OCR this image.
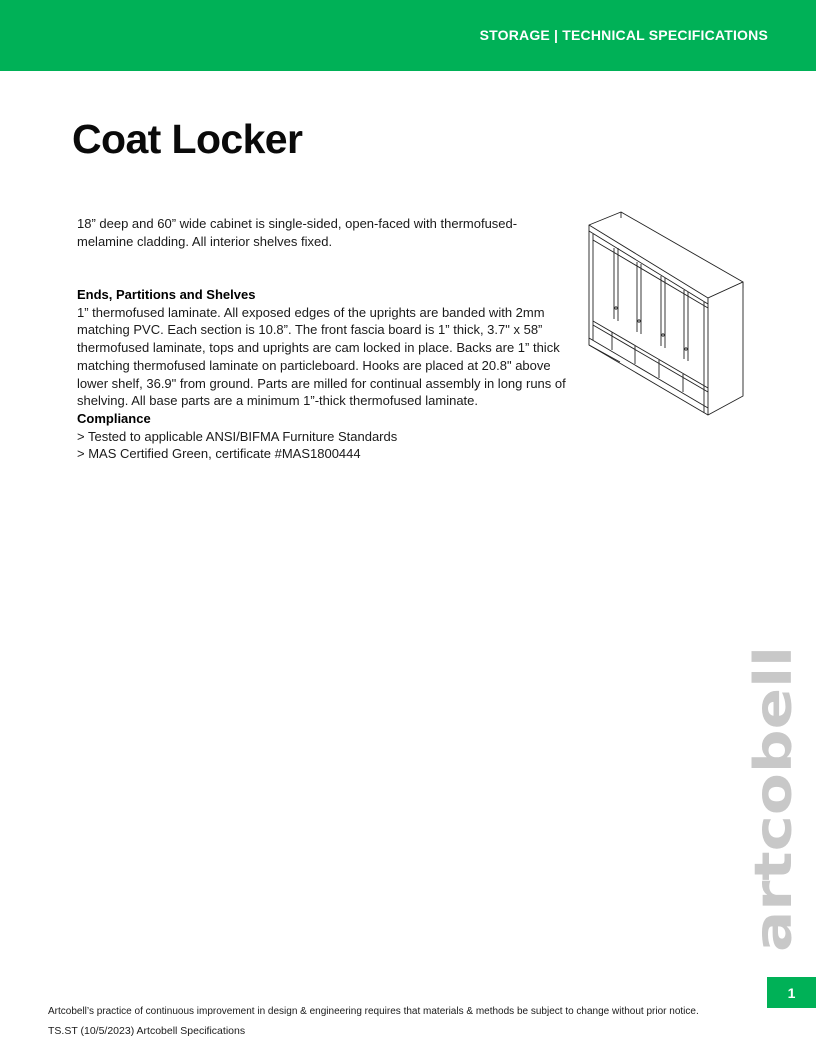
STORAGE | TECHNICAL SPECIFICATIONS
Coat Locker
18” deep and 60” wide cabinet is single-sided, open-faced with thermofused-melamine cladding. All interior shelves fixed.
Ends, Partitions and Shelves

1” thermofused laminate. All exposed edges of the uprights are banded with 2mm matching PVC. Each section is 10.8”. The front fascia board is 1” thick, 3.7" x 58” thermofused laminate, tops and uprights are cam locked in place. Backs are 1” thick matching thermofused laminate on particleboard. Hooks are placed at 20.8" above lower shelf, 36.9" from ground. Parts are milled for continual assembly in long runs of shelving. All base parts are a minimum 1”-thick thermofused laminate.

Compliance

> Tested to applicable ANSI/BIFMA Furniture Standards

> MAS Certified Green, certificate #MAS1800444

artcobell
1
Artcobell’s practice of continuous improvement in design & engineering requires that materials & methods be subject to change without prior notice.
TS.ST (10/5/2023) Artcobell Specifications
